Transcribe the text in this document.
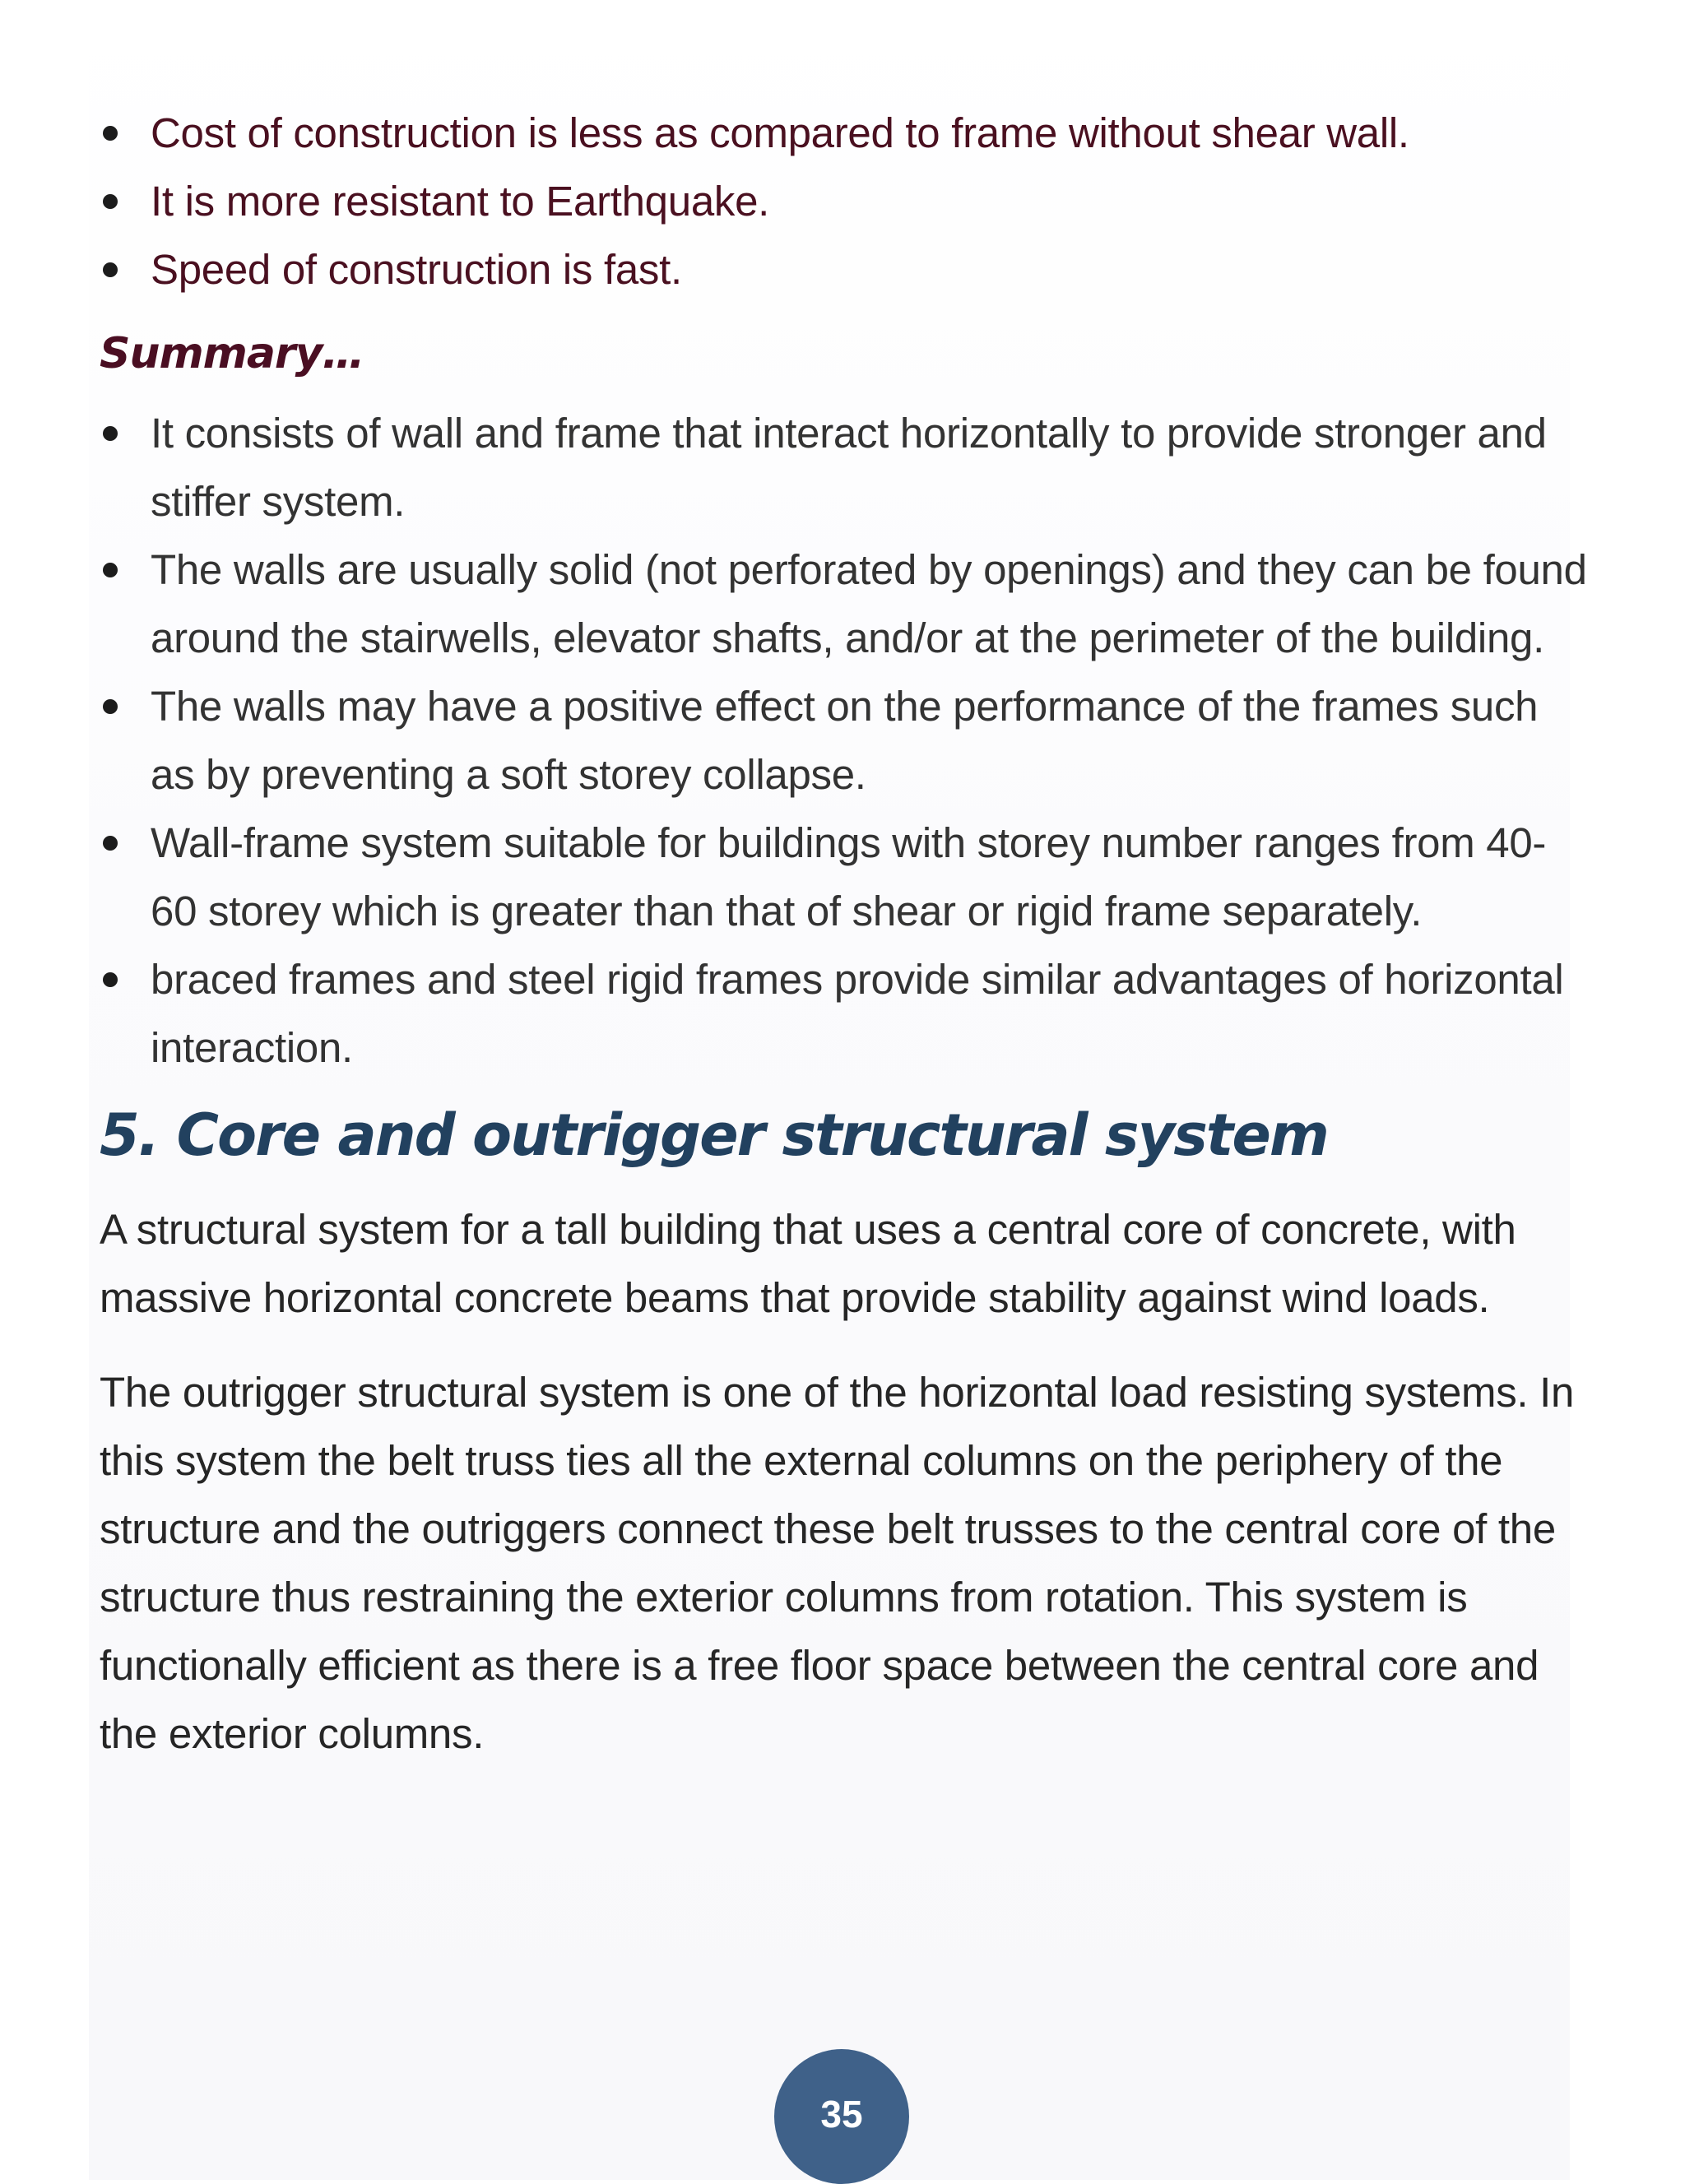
Cost of construction is less as compared to frame without shear wall.
It is more resistant to Earthquake.
Speed of construction is fast.
Summary…
It consists of wall and frame that interact horizontally to provide stronger and stiffer system.
The walls are usually solid (not perforated by openings) and they can be found around the stairwells, elevator shafts, and/or at the perimeter of the building.
The walls may have a positive effect on the performance of the frames such as by preventing a soft storey collapse.
Wall-frame system suitable for buildings with storey number ranges from 40-60 storey which is greater than that of shear or rigid frame separately.
braced frames and steel rigid frames provide similar advantages of horizontal interaction.
5. Core and outrigger structural system

A structural system for a tall building that uses a central core of concrete, with massive horizontal concrete beams that provide stability against wind loads.

The outrigger structural system is one of the horizontal load resisting systems. In this system the belt truss ties all the external columns on the periphery of the structure and the outriggers connect these belt trusses to the central core of the structure thus restraining the exterior columns from rotation. This system is functionally efficient as there is a free floor space between the central core and the exterior columns.

35
